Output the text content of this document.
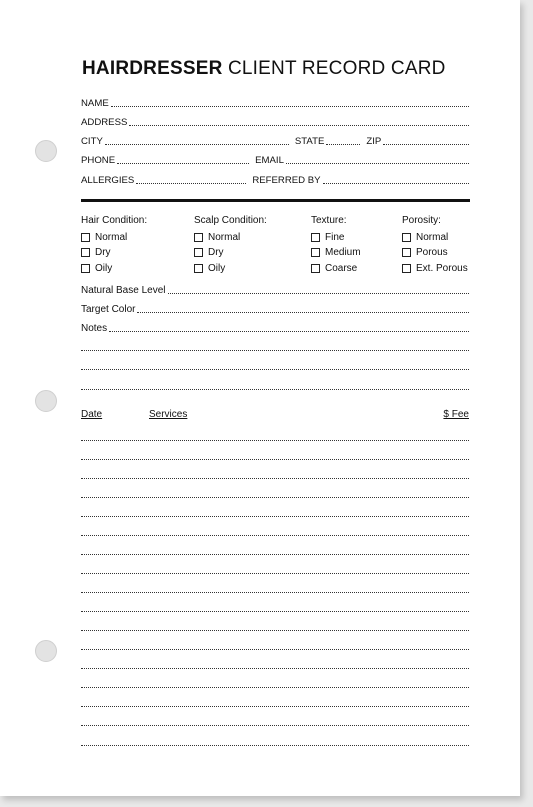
HAIRDRESSER CLIENT RECORD CARD
NAME
ADDRESS
CITY	STATE	ZIP
PHONE	EMAIL
ALLERGIES	REFERRED BY
Hair Condition:
Normal
Dry
Oily
Scalp Condition:
Normal
Dry
Oily
Texture:
Fine
Medium
Coarse
Porosity:
Normal
Porous
Ext. Porous
Natural Base Level
Target Color
Notes
Date	Services	$ Fee
